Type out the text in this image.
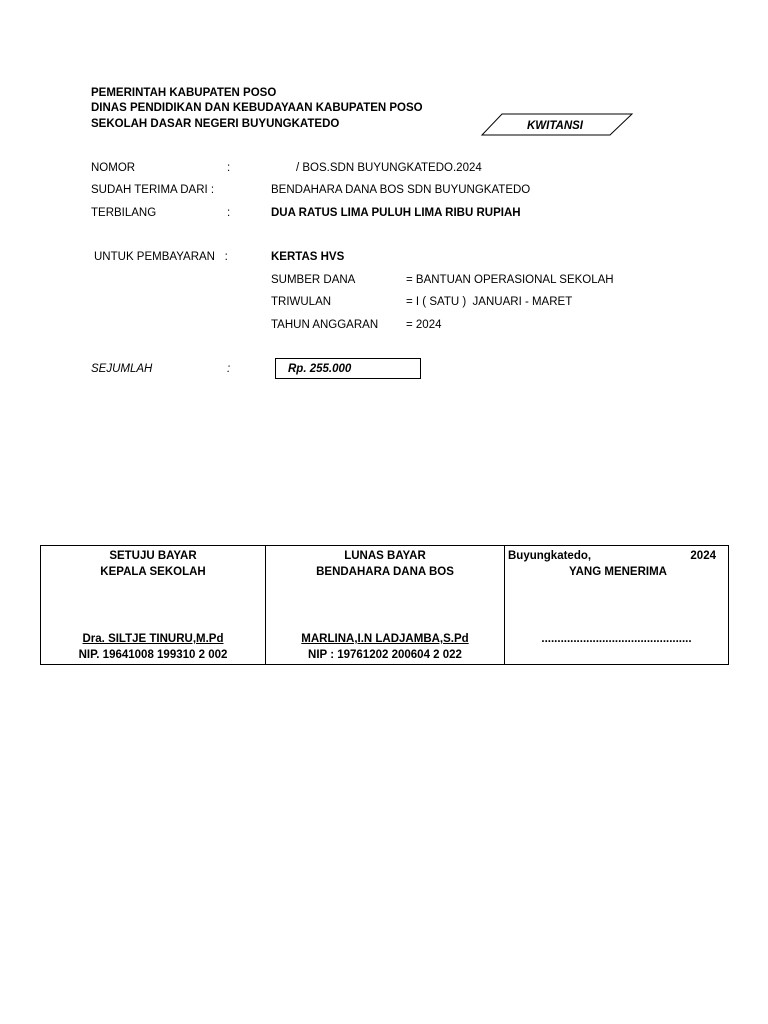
PEMERINTAH KABUPATEN POSO
DINAS PENDIDIKAN DAN KEBUDAYAAN KABUPATEN POSO
SEKOLAH DASAR NEGERI BUYUNGKATEDO	KWITANSI
NOMOR	:	/ BOS.SDN BUYUNGKATEDO.2024
SUDAH TERIMA DARI :	BENDAHARA DANA BOS SDN BUYUNGKATEDO
TERBILANG	:	DUA RATUS LIMA PULUH LIMA RIBU RUPIAH
UNTUK PEMBAYARAN   :	KERTAS HVS
SUMBER DANA	= BANTUAN OPERASIONAL SEKOLAH
TRIWULAN	= I ( SATU )  JANUARI - MARET
TAHUN ANGGARAN = 2024
SEJUMLAH	:	Rp. 255.000
SETUJU BAYAR
KEPALA SEKOLAH
Dra. SILTJE TINURU,M.Pd
NIP. 19641008 199310 2 002

LUNAS BAYAR
BENDAHARA DANA BOS
MARLINA,I.N LADJAMBA,S.Pd
NIP : 19761202 200604 2 022

Buyungkatedo,	2024
YANG MENERIMA
...............................................
